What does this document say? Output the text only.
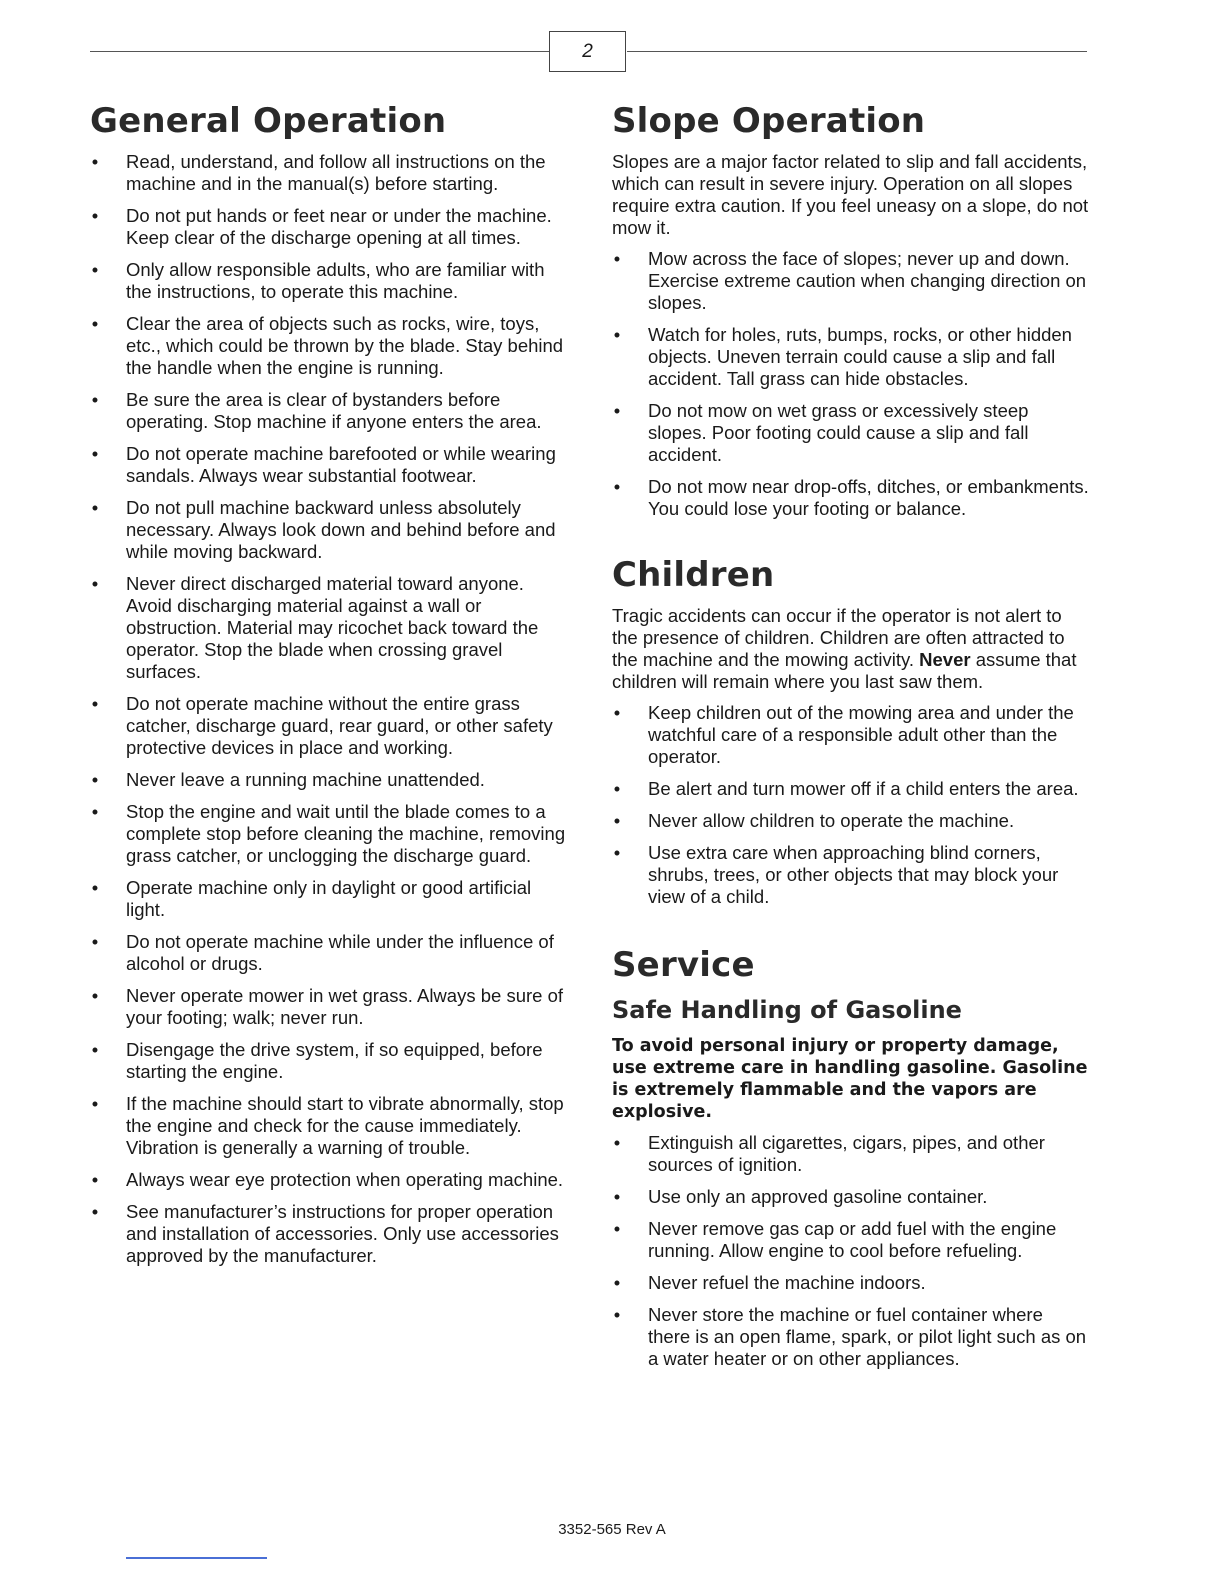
2
General Operation
• Read, understand, and follow all instructions on the machine and in the manual(s) before starting.
• Do not put hands or feet near or under the machine. Keep clear of the discharge opening at all times.
• Only allow responsible adults, who are familiar with the instructions, to operate this machine.
• Clear the area of objects such as rocks, wire, toys, etc., which could be thrown by the blade. Stay behind the handle when the engine is running.
• Be sure the area is clear of bystanders before operating. Stop machine if anyone enters the area.
• Do not operate machine barefooted or while wearing sandals. Always wear substantial footwear.
• Do not pull machine backward unless absolutely necessary. Always look down and behind before and while moving backward.
• Never direct discharged material toward anyone. Avoid discharging material against a wall or obstruction. Material may ricochet back toward the operator. Stop the blade when crossing gravel surfaces.
• Do not operate machine without the entire grass catcher, discharge guard, rear guard, or other safety protective devices in place and working.
• Never leave a running machine unattended.
• Stop the engine and wait until the blade comes to a complete stop before cleaning the machine, removing grass catcher, or unclogging the discharge guard.
• Operate machine only in daylight or good artificial light.
• Do not operate machine while under the influence of alcohol or drugs.
• Never operate mower in wet grass. Always be sure of your footing; walk; never run.
• Disengage the drive system, if so equipped, before starting the engine.
• If the machine should start to vibrate abnormally, stop the engine and check for the cause immediately. Vibration is generally a warning of trouble.
• Always wear eye protection when operating machine.
• See manufacturer’s instructions for proper operation and installation of accessories. Only use accessories approved by the manufacturer.
Slope Operation

Slopes are a major factor related to slip and fall accidents, which can result in severe injury. Operation on all slopes require extra caution. If you feel uneasy on a slope, do not mow it.

• Mow across the face of slopes; never up and down. Exercise extreme caution when changing direction on slopes.
• Watch for holes, ruts, bumps, rocks, or other hidden objects. Uneven terrain could cause a slip and fall accident. Tall grass can hide obstacles.
• Do not mow on wet grass or excessively steep slopes. Poor footing could cause a slip and fall accident.
• Do not mow near drop-offs, ditches, or embankments. You could lose your footing or balance.
Children

Tragic accidents can occur if the operator is not alert to the presence of children. Children are often attracted to the machine and the mowing activity. Never assume that children will remain where you last saw them.

• Keep children out of the mowing area and under the watchful care of a responsible adult other than the operator.
• Be alert and turn mower off if a child enters the area.
• Never allow children to operate the machine.
• Use extra care when approaching blind corners, shrubs, trees, or other objects that may block your view of a child.
Service
Safe Handling of Gasoline

To avoid personal injury or property damage, use extreme care in handling gasoline. Gasoline is extremely flammable and the vapors are explosive.

• Extinguish all cigarettes, cigars, pipes, and other sources of ignition.
• Use only an approved gasoline container.
• Never remove gas cap or add fuel with the engine running. Allow engine to cool before refueling.
• Never refuel the machine indoors.
• Never store the machine or fuel container where there is an open flame, spark, or pilot light such as on a water heater or on other appliances.
3352-565 Rev A
